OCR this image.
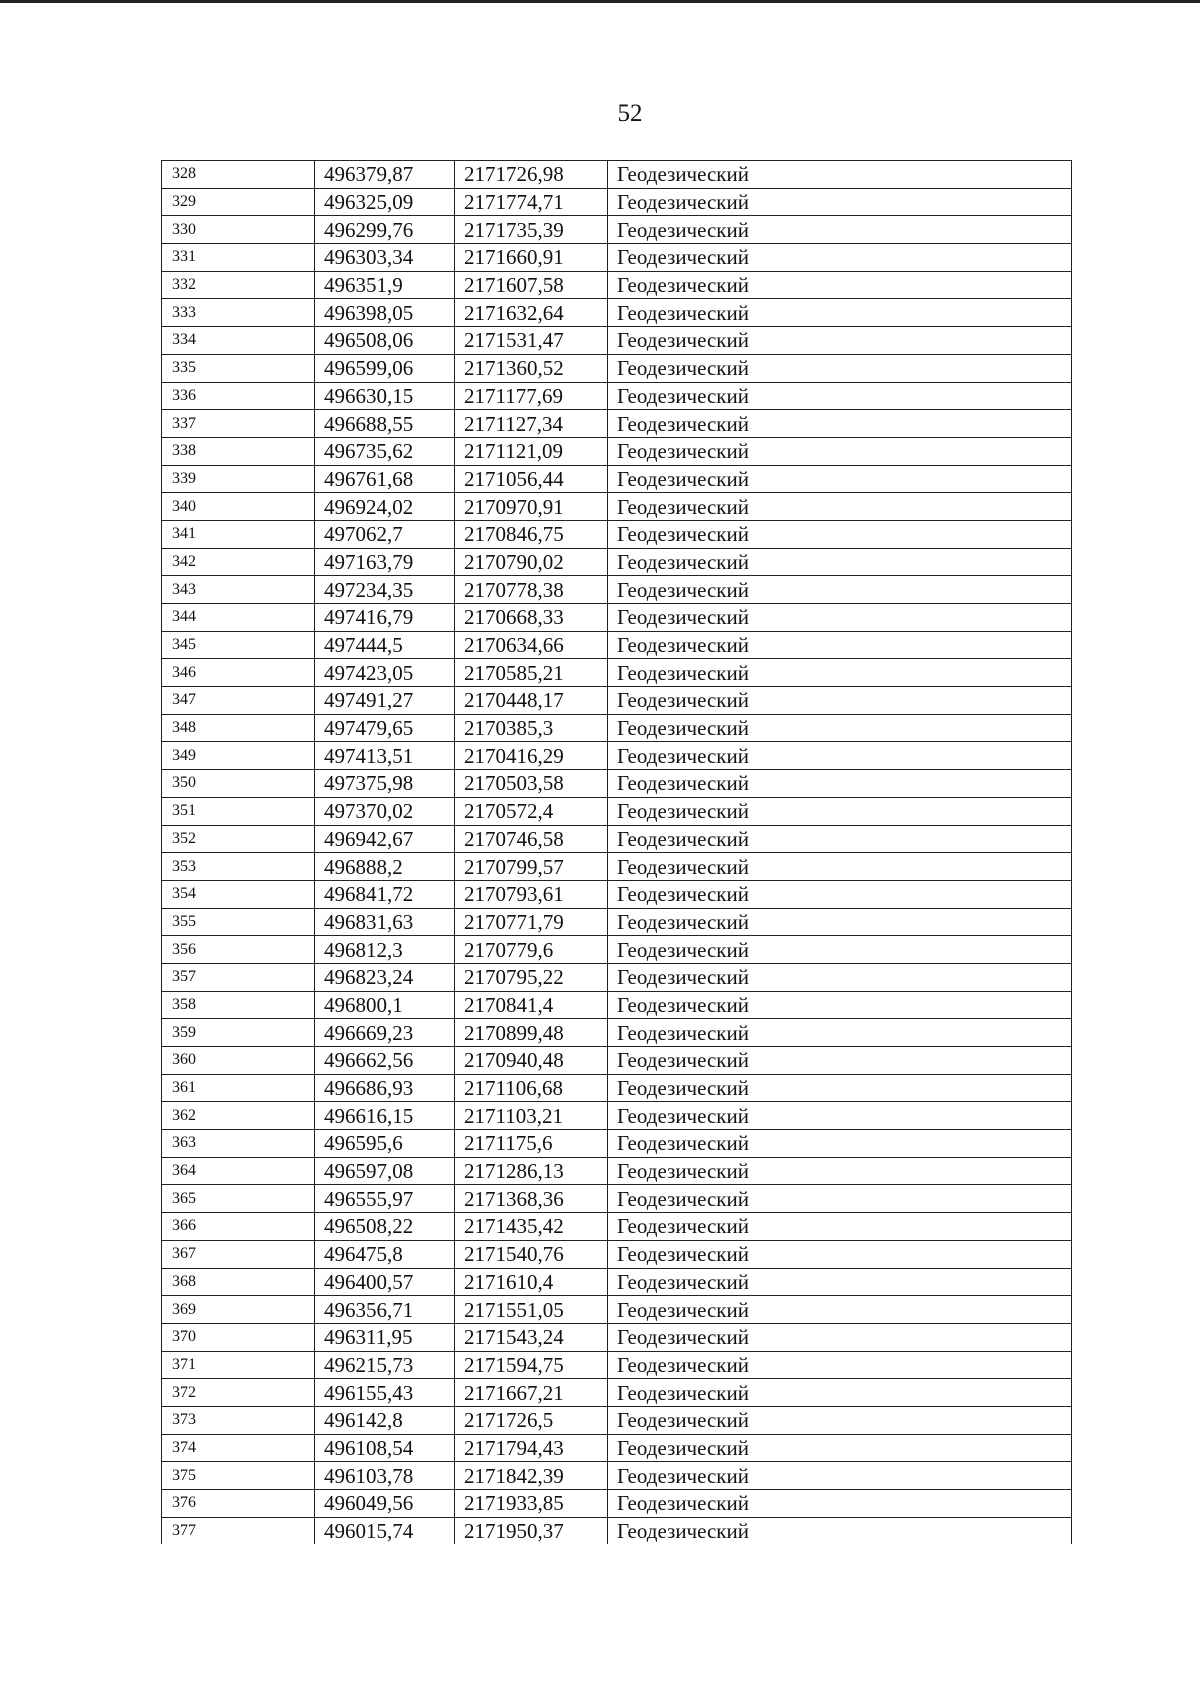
52
328	496379,87	2171726,98	Геодезический
329	496325,09	2171774,71	Геодезический
330	496299,76	2171735,39	Геодезический
331	496303,34	2171660,91	Геодезический
332	496351,9	2171607,58	Геодезический
333	496398,05	2171632,64	Геодезический
334	496508,06	2171531,47	Геодезический
335	496599,06	2171360,52	Геодезический
336	496630,15	2171177,69	Геодезический
337	496688,55	2171127,34	Геодезический
338	496735,62	2171121,09	Геодезический
339	496761,68	2171056,44	Геодезический
340	496924,02	2170970,91	Геодезический
341	497062,7	2170846,75	Геодезический
342	497163,79	2170790,02	Геодезический
343	497234,35	2170778,38	Геодезический
344	497416,79	2170668,33	Геодезический
345	497444,5	2170634,66	Геодезический
346	497423,05	2170585,21	Геодезический
347	497491,27	2170448,17	Геодезический
348	497479,65	2170385,3	Геодезический
349	497413,51	2170416,29	Геодезический
350	497375,98	2170503,58	Геодезический
351	497370,02	2170572,4	Геодезический
352	496942,67	2170746,58	Геодезический
353	496888,2	2170799,57	Геодезический
354	496841,72	2170793,61	Геодезический
355	496831,63	2170771,79	Геодезический
356	496812,3	2170779,6	Геодезический
357	496823,24	2170795,22	Геодезический
358	496800,1	2170841,4	Геодезический
359	496669,23	2170899,48	Геодезический
360	496662,56	2170940,48	Геодезический
361	496686,93	2171106,68	Геодезический
362	496616,15	2171103,21	Геодезический
363	496595,6	2171175,6	Геодезический
364	496597,08	2171286,13	Геодезический
365	496555,97	2171368,36	Геодезический
366	496508,22	2171435,42	Геодезический
367	496475,8	2171540,76	Геодезический
368	496400,57	2171610,4	Геодезический
369	496356,71	2171551,05	Геодезический
370	496311,95	2171543,24	Геодезический
371	496215,73	2171594,75	Геодезический
372	496155,43	2171667,21	Геодезический
373	496142,8	2171726,5	Геодезический
374	496108,54	2171794,43	Геодезический
375	496103,78	2171842,39	Геодезический
376	496049,56	2171933,85	Геодезический
377	496015,74	2171950,37	Геодезический
